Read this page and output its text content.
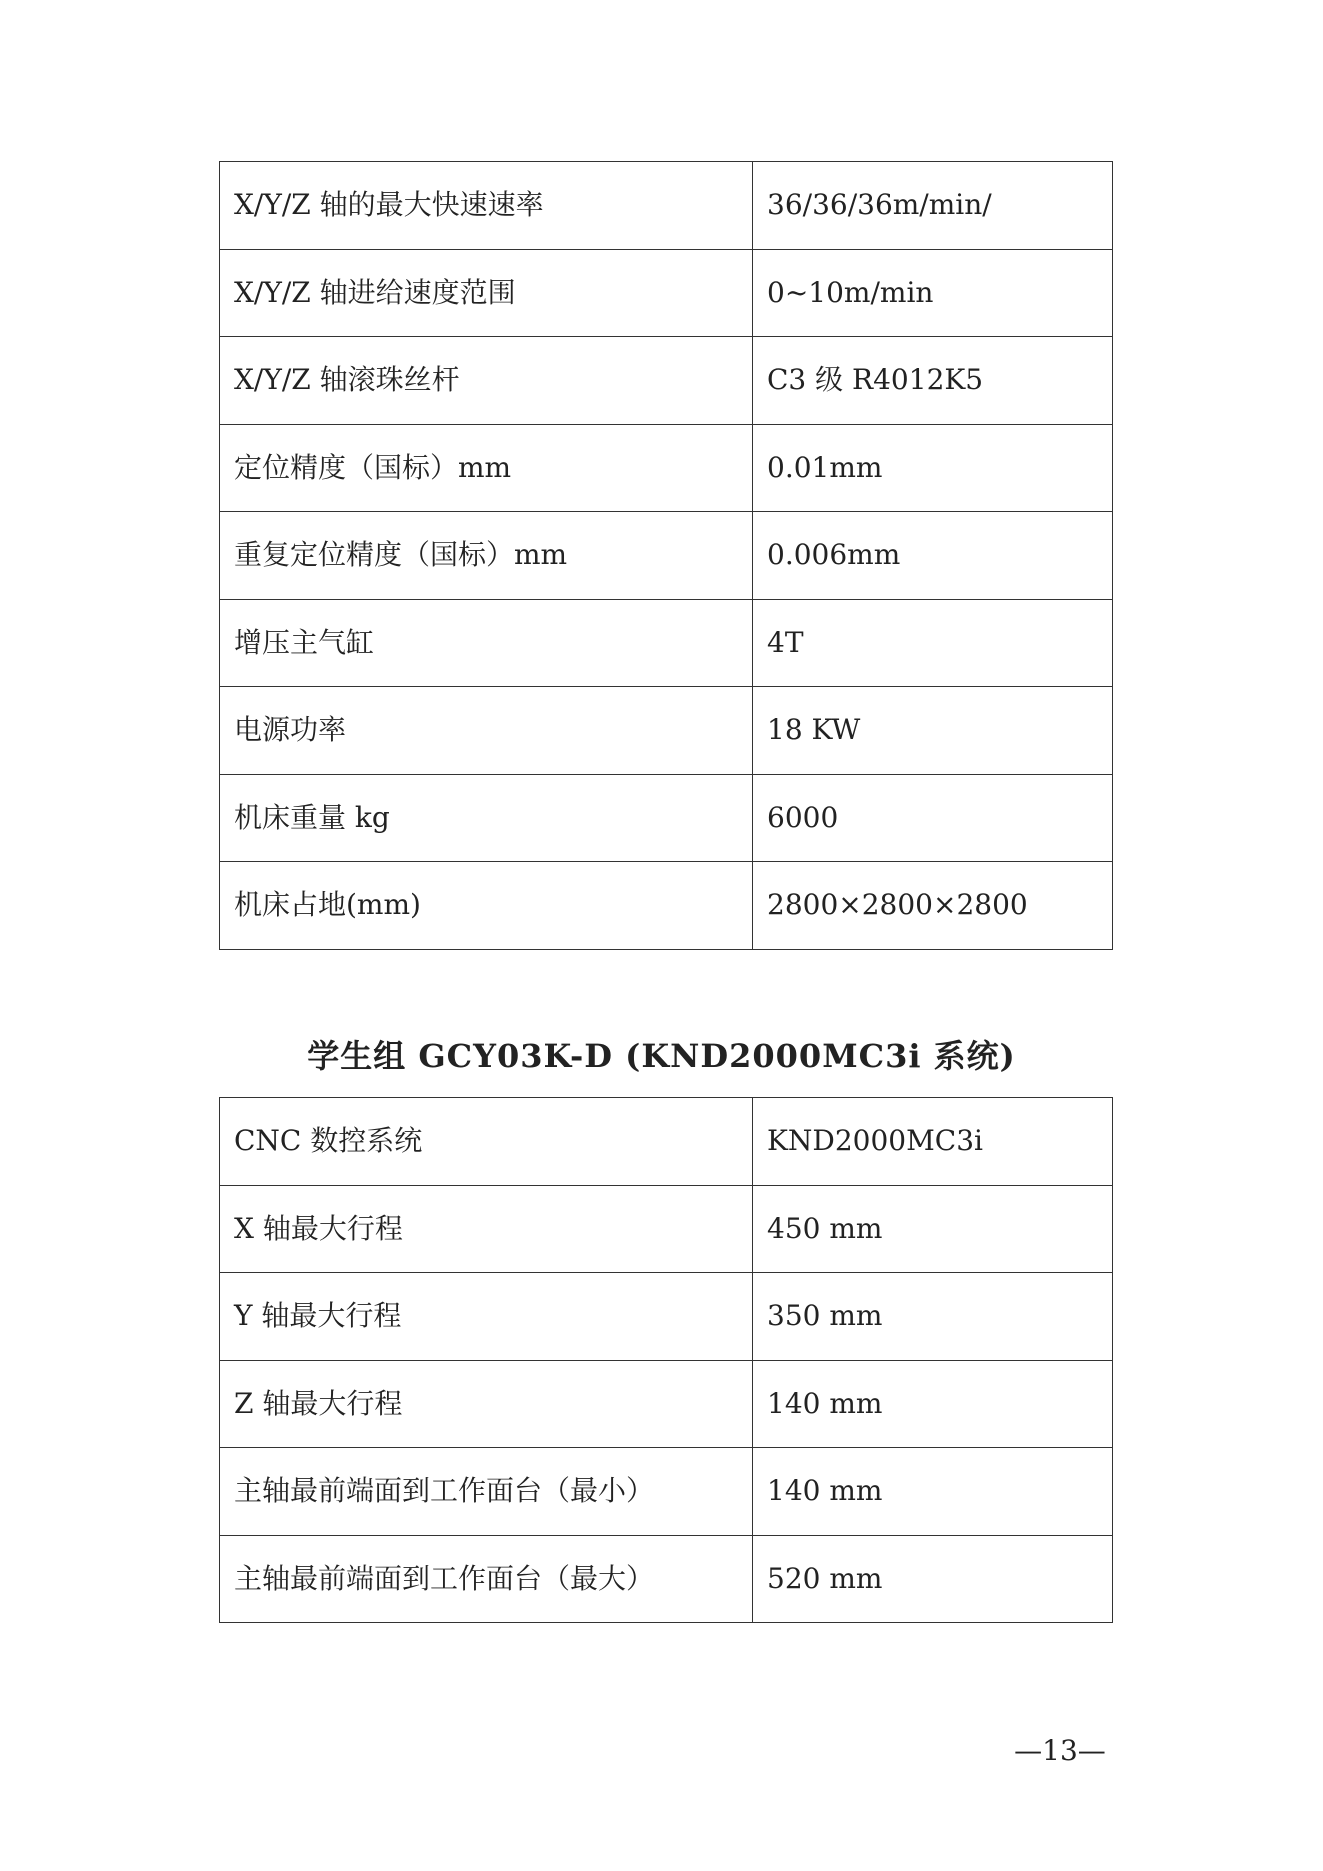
X/Y/Z 轴的最大快速速率	36/36/36m/min/
X/Y/Z 轴进给速度范围	0~10m/min
X/Y/Z 轴滚珠丝杆	C3 级 R4012K5
定位精度（国标）mm	0.01mm
重复定位精度（国标）mm	0.006mm
增压主气缸	4T
电源功率	18 KW
机床重量 kg	6000
机床占地(mm)	2800×2800×2800
学生组 GCY03K-D (KND2000MC3i 系统)
CNC 数控系统	KND2000MC3i
X 轴最大行程	450 mm
Y 轴最大行程	350 mm
Z 轴最大行程	140 mm
主轴最前端面到工作面台（最小）	140 mm
主轴最前端面到工作面台（最大）	520 mm
—13—
